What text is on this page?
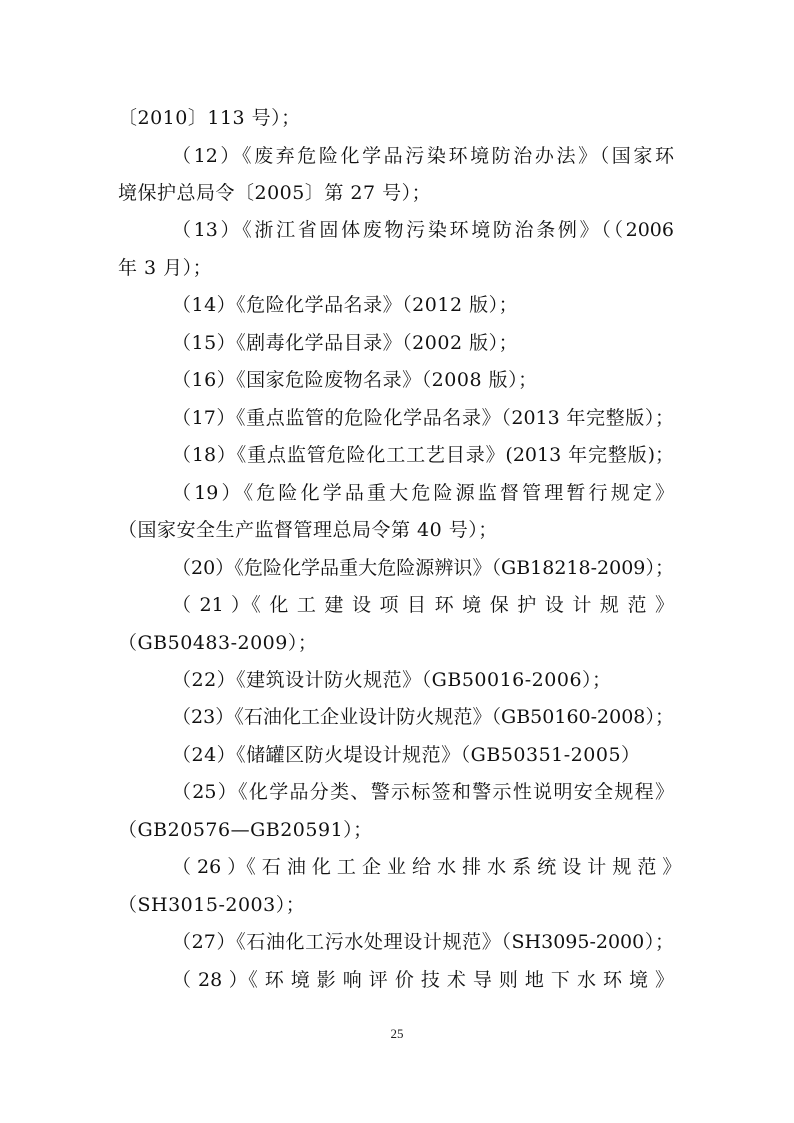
〔2010〕113 号）；
（12）《废弃危险化学品污染环境防治办法》（国家环
境保护总局令〔2005〕第 27 号）；
（13）《浙江省固体废物污染环境防治条例》（（2006
年 3 月）；
（14）《危险化学品名录》（2012 版）；
（15）《剧毒化学品目录》（2002 版）；
（16）《国家危险废物名录》（2008 版）；
（17）《重点监管的危险化学品名录》（2013 年完整版）；
（18）《重点监管危险化工工艺目录》(2013 年完整版)；
（19）《危险化学品重大危险源监督管理暂行规定》
（国家安全生产监督管理总局令第 40 号）；
（20）《危险化学品重大危险源辨识》（GB18218-2009）；
（ 21 ）《 化 工 建 设 项 目 环 境 保 护 设 计 规 范 》
（GB50483-2009）；
（22）《建筑设计防火规范》（GB50016-2006）；
（23）《石油化工企业设计防火规范》（GB50160-2008）；
（24）《储罐区防火堤设计规范》（GB50351-2005）
（25）《化学品分类、警示标签和警示性说明安全规程》
（GB20576—GB20591）；
（ 26 ）《 石 油 化 工 企 业 给 水 排 水 系 统 设 计 规 范 》
（SH3015-2003）；
（27）《石油化工污水处理设计规范》（SH3095-2000）；
（ 28 ）《 环 境 影 响 评 价 技 术 导 则 地 下 水 环 境 》
25
